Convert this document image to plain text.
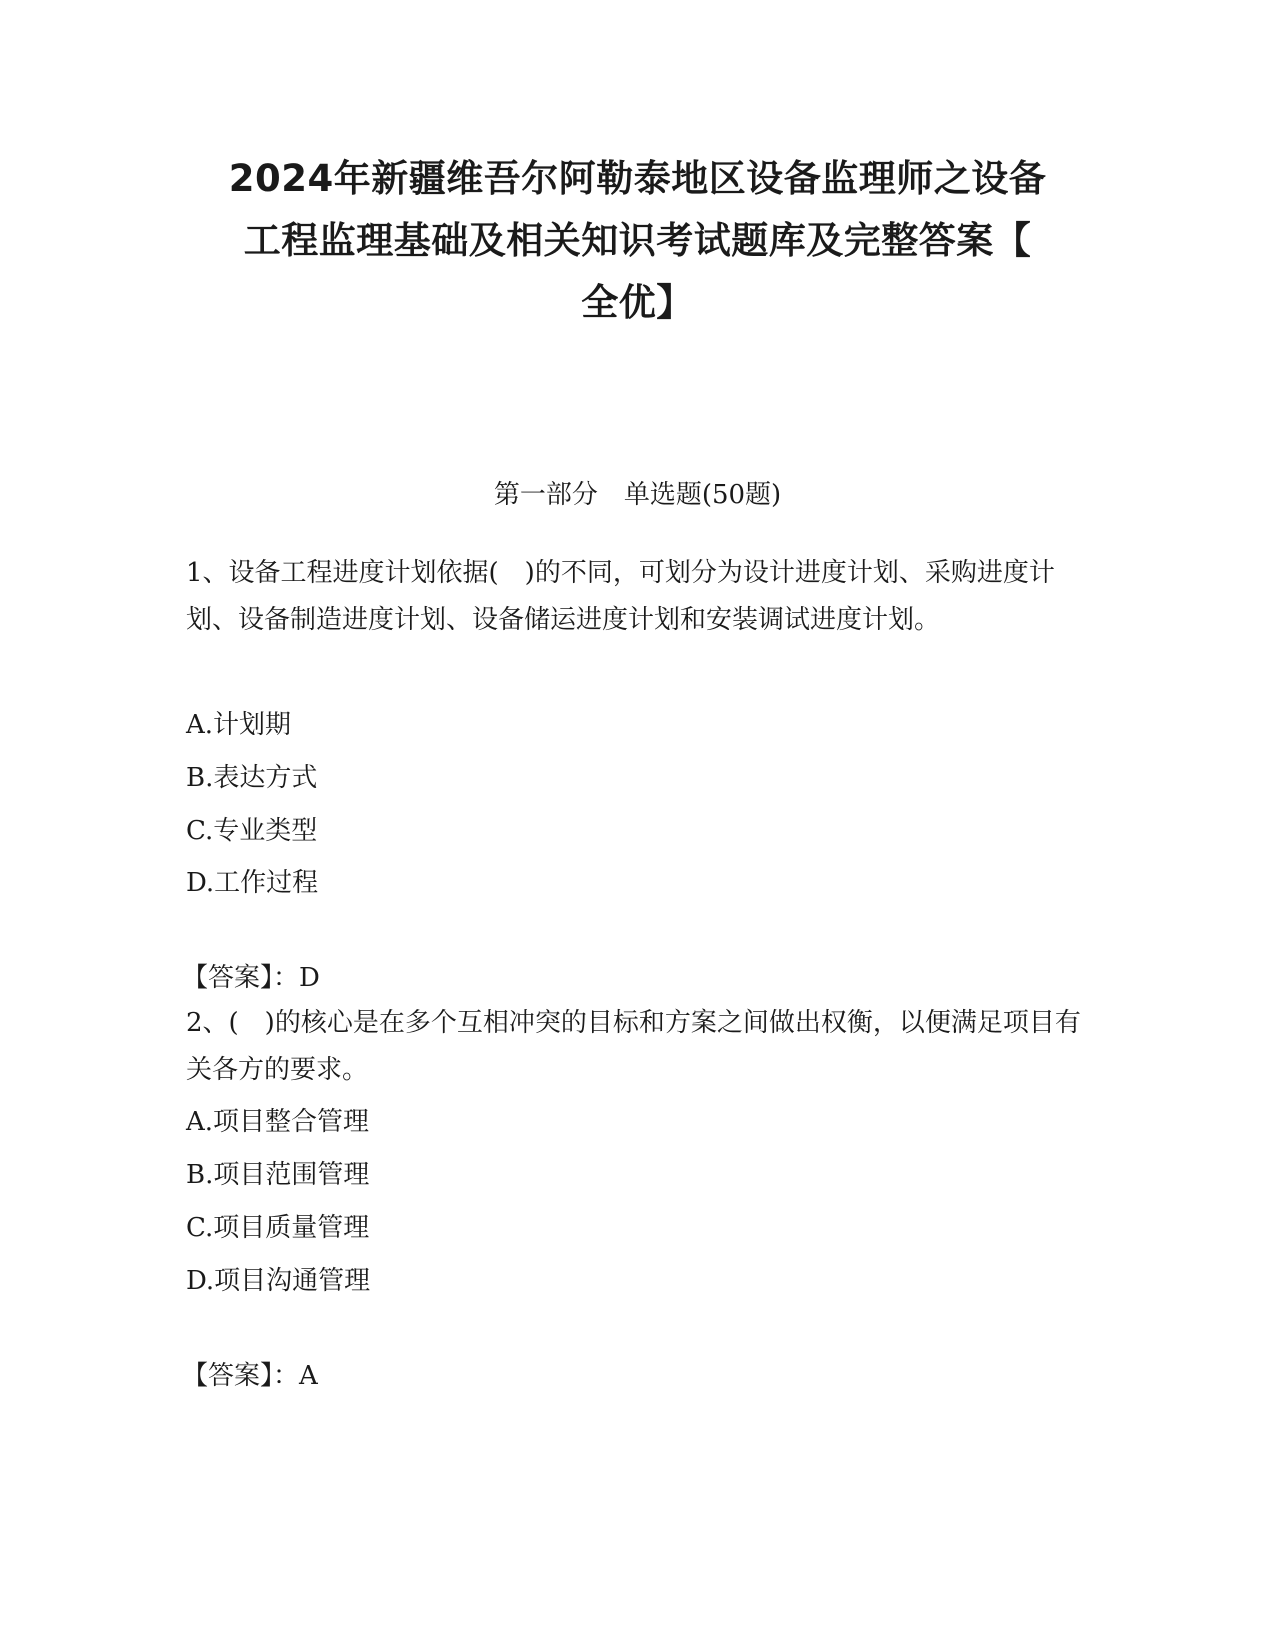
2024年新疆维吾尔阿勒泰地区设备监理师之设备
工程监理基础及相关知识考试题库及完整答案【
全优】
第一部分　单选题(50题)

1、设备工程进度计划依据(　)的不同，可划分为设计进度计划、采购进度计划、设备制造进度计划、设备储运进度计划和安装调试进度计划。

A.计划期
B.表达方式
C.专业类型
D.工作过程
【答案】：D

2、(　)的核心是在多个互相冲突的目标和方案之间做出权衡，以便满足项目有关各方的要求。

A.项目整合管理
B.项目范围管理
C.项目质量管理
D.项目沟通管理
【答案】：A
